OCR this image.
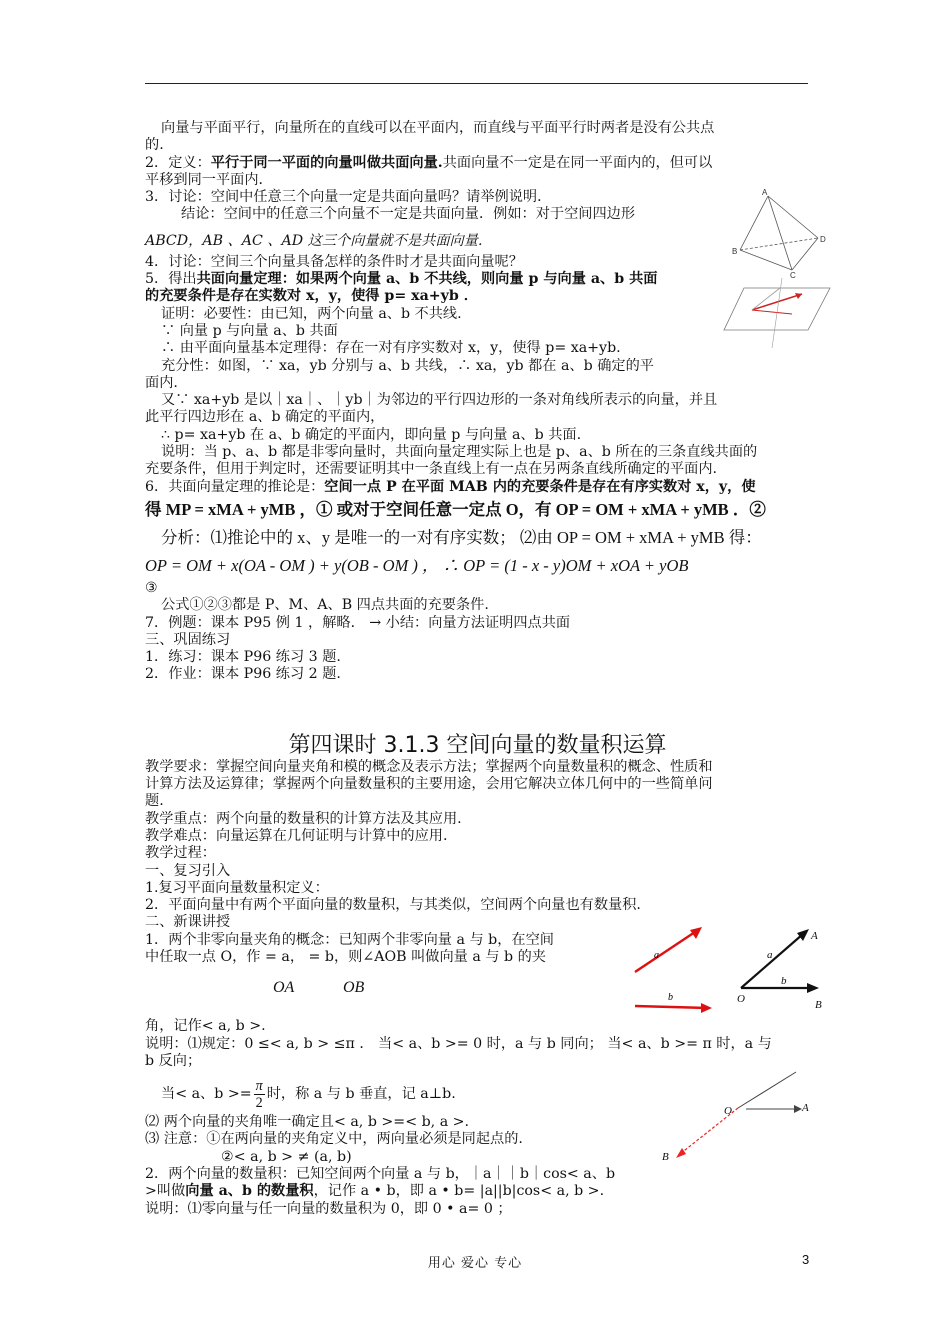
向量与平面平行，向量所在的直线可以在平面内，而直线与平面平行时两者是没有公共点
的.
2．定义：平行于同一平面的向量叫做共面向量.共面向量不一定是在同一平面内的，但可以
平移到同一平面内．
3．讨论：空间中任意三个向量一定是共面向量吗？请举例说明．
结论：空间中的任意三个向量不一定是共面向量．例如：对于空间四边形
ABCD，AB 、AC 、AD 这三个向量就不是共面向量．
4．讨论：空间三个向量具备怎样的条件时才是共面向量呢？
5．得出共面向量定理：如果两个向量 a、b 不共线，则向量 p 与向量 a、b 共面
的充要条件是存在实数对 x，y，使得 p= xa+yb ．
证明：必要性：由已知，两个向量 a、b 不共线.
∵ 向量 p 与向量 a、b 共面
∴ 由平面向量基本定理得：存在一对有序实数对 x，y，使得 p= xa+yb.
充分性：如图，∵ xa，yb 分别与 a、b 共线，∴ xa，yb 都在 a、b 确定的平
面内.
又∵ xa+yb 是以｜xa｜、｜yb｜为邻边的平行四边形的一条对角线所表示的向量，并且
此平行四边形在 a、b 确定的平面内，
∴ p= xa+yb 在 a、b 确定的平面内，即向量 p 与向量 a、b 共面.
说明：当 p、a、b 都是非零向量时，共面向量定理实际上也是 p、a、b 所在的三条直线共面的
充要条件，但用于判定时，还需要证明其中一条直线上有一点在另两条直线所确定的平面内.
6．共面向量定理的推论是：空间一点 P 在平面 MAB 内的充要条件是存在有序实数对 x，y，使
得 MP = xMA + yMB ，① 或对于空间任意一定点 O，有 OP = OM + xMA + yMB ．②
分析：⑴推论中的 x、y 是唯一的一对有序实数； ⑵由 OP = OM + xMA + yMB 得：
OP = OM + x(OA - OM ) + y(OB - OM ) ， ∴ OP = (1 - x - y)OM + xOA + yOB
③
公式①②③都是 P、M、A、B 四点共面的充要条件.
7．例题：课本 P95 例 1 ，解略． → 小结：向量方法证明四点共面
三、巩固练习
1．练习：课本 P96 练习 3 题.
2．作业：课本 P96 练习 2 题.
第四课时 3.1.3 空间向量的数量积运算
教学要求：掌握空间向量夹角和模的概念及表示方法；掌握两个向量数量积的概念、性质和
计算方法及运算律；掌握两个向量数量积的主要用途，会用它解决立体几何中的一些简单问
题.
教学重点：两个向量的数量积的计算方法及其应用.
教学难点：向量运算在几何证明与计算中的应用.
教学过程：
一、复习引入
1.复习平面向量数量积定义：
2．平面向量中有两个平面向量的数量积，与其类似，空间两个向量也有数量积.
二、新课讲授
1．两个非零向量夹角的概念：已知两个非零向量 a 与 b，在空间
中任取一点 O，作 = a， = b，则∠AOB 叫做向量 a 与 b 的夹
OA	OB
角，记作< a, b >.
说明：⑴规定：0 ≤< a, b > ≤π ． 当< a、b >= 0 时，a 与 b 同向； 当< a、b >= π 时，a 与
b 反向；
当< a、$b >= \frac{\pi}{2}$ 时，称 a 与 b 垂直，记 a⊥b.
⑵ 两个向量的夹角唯一确定且< a, b >=< b, a >.
⑶ 注意：①在两向量的夹角定义中，两向量必须是同起点的.
②< a, b > ≠ (a, b)
2．两个向量的数量积：已知空间两个向量 a 与 b，｜a｜｜b｜cos< a、b
>叫做向量 a、b 的数量积，记作 a • b，即 a • b= |a||b|cos< a, b >.
说明：⑴零向量与任一向量的数量积为 0，即 0 • a= 0 ；
A
B
C
D
a
b
A
a
b
O	B
O	A
B
用心 爱心 专心	3
